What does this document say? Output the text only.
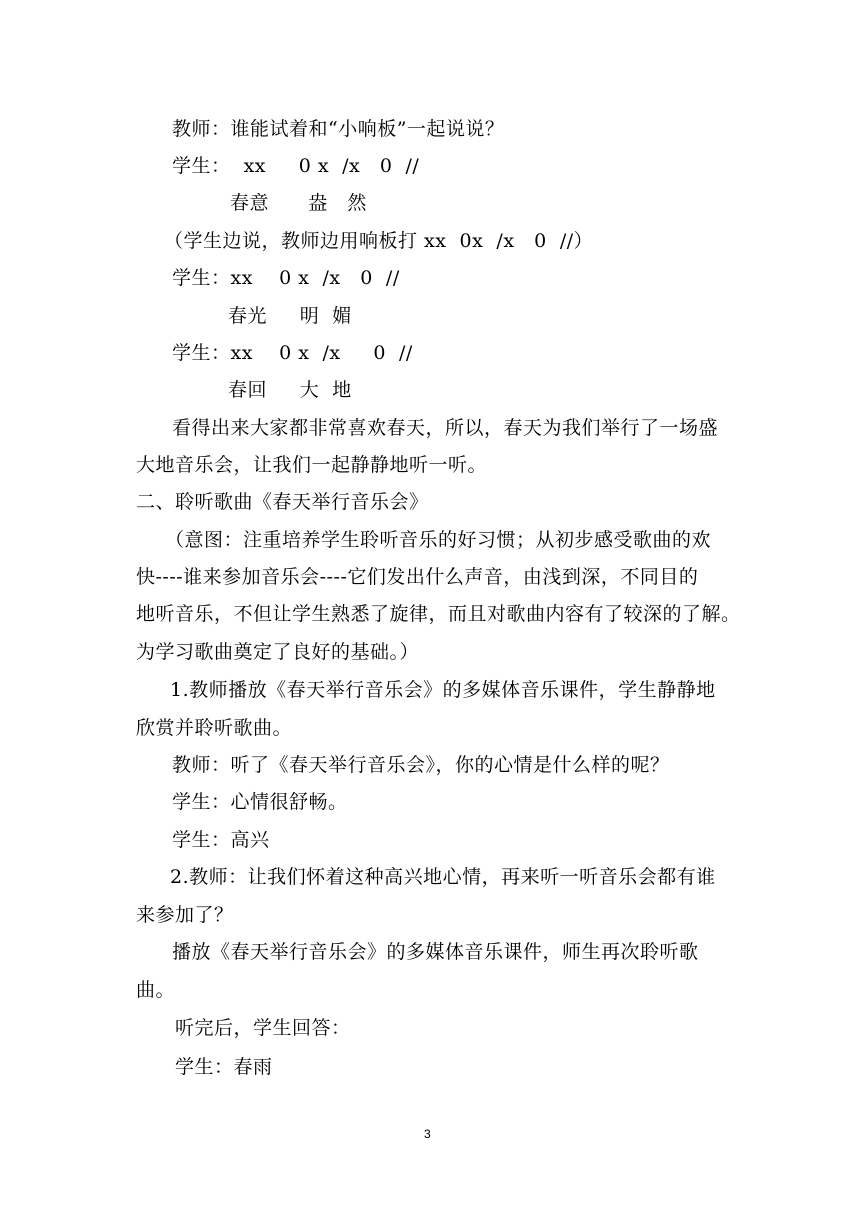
教师：谁能试着和“小响板”一起说说？
学生：  xx     0 x  /x   0  //
春意      盎   然
（学生边说，教师边用响板打 xx  0x  /x   0  //）
学生：xx    0 x  /x   0  //
春光     明  媚
学生：xx    0 x  /x     0  //
春回     大  地
看得出来大家都非常喜欢春天，所以，春天为我们举行了一场盛
大地音乐会，让我们一起静静地听一听。
二、聆听歌曲《春天举行音乐会》
（意图：注重培养学生聆听音乐的好习惯；从初步感受歌曲的欢
快----谁来参加音乐会----它们发出什么声音，由浅到深，不同目的
地听音乐，不但让学生熟悉了旋律，而且对歌曲内容有了较深的了解。
为学习歌曲奠定了良好的基础。）
1.教师播放《春天举行音乐会》的多媒体音乐课件，学生静静地
欣赏并聆听歌曲。
教师：听了《春天举行音乐会》，你的心情是什么样的呢？
学生：心情很舒畅。
学生：高兴
2.教师：让我们怀着这种高兴地心情，再来听一听音乐会都有谁
来参加了？
播放《春天举行音乐会》的多媒体音乐课件，师生再次聆听歌
曲。
听完后，学生回答：
学生：春雨
3
